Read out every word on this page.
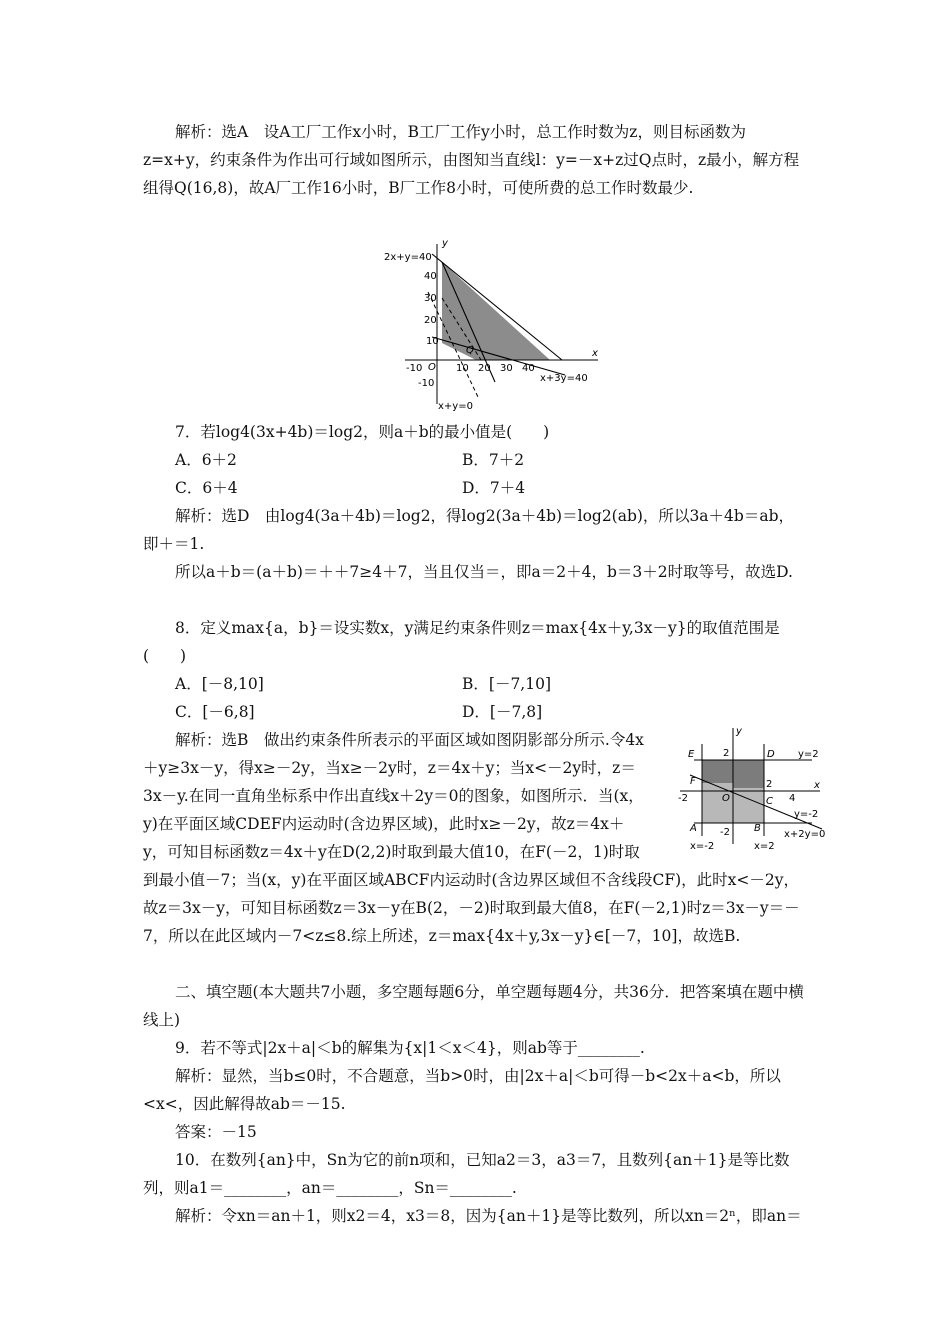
解析：选A　设A工厂工作x小时，B工厂工作y小时，总工作时数为z，则目标函数为z=x+y，约束条件为作出可行域如图所示，由图知当直线l：y=－x+z过Q点时，z最小，解方程组得Q(16,8)，故A厂工作16小时，B厂工作8小时，可使所费的总工作时数最少.

y
x
O
Q
2x+y=40
x+3y=40
x+y=0
40
30
20
10
-10
-10	10 20 30 40

7．若log4(3x+4b)＝log2，则a＋b的最小值是(　　)

A．6＋2	B．7＋2
C．6＋4	D．7＋4

解析：选D　由log4(3a＋4b)＝log2，得log2(3a＋4b)＝log2(ab)，所以3a＋4b＝ab，即＋＝1.

所以a＋b＝(a＋b)＝＋＋7≥4＋7，当且仅当＝，即a＝2＋4，b＝3＋2时取等号，故选D.

8．定义max{a，b}＝设实数x，y满足约束条件则z＝max{4x＋y,3x－y}的取值范围是(　　)

A．[－8,10]	B．[－7,10]
C．[－6,8]	D．[－7,8]
E	D
F
O	C
A	B
x
y
2
2
-2	4
-2
y=2
y=-2
x+2y=0
x=-2	x=2
解析：选B　做出约束条件所表示的平面区域如图阴影部分所示.令4x＋y≥3x－y，得x≥－2y，当x≥－2y时，z＝4x＋y；当x<－2y时，z＝3x－y.在同一直角坐标系中作出直线x＋2y＝0的图象，如图所示．当(x，y)在平面区域CDEF内运动时(含边界区域)，此时x≥－2y，故z＝4x＋y，可知目标函数z＝4x＋y在D(2,2)时取到最大值10，在F(－2，1)时取到最小值－7；当(x，y)在平面区域ABCF内运动时(含边界区域但不含线段CF)，此时x<－2y，故z＝3x－y，可知目标函数z＝3x－y在B(2，－2)时取到最大值8，在F(－2,1)时z＝3x－y＝－7，所以在此区域内－7<z≤8.综上所述，z＝max{4x＋y,3x－y}∈[－7，10]，故选B.

二、填空题(本大题共7小题，多空题每题6分，单空题每题4分，共36分．把答案填在题中横线上)

9．若不等式|2x＋a|＜b的解集为{x|1＜x＜4}，则ab等于________.

解析：显然，当b≤0时，不合题意，当b>0时，由|2x＋a|＜b可得－b<2x＋a<b，所以<x<，因此解得故ab＝－15.

答案：－15

10．在数列{an}中，Sn为它的前n项和，已知a2＝3，a3＝7，且数列{an＋1}是等比数列，则a1＝________，an＝________，Sn＝________.

解析：令xn＝an＋1，则x2＝4，x3＝8，因为{an＋1}是等比数列，所以xn＝2ⁿ，即an＝
